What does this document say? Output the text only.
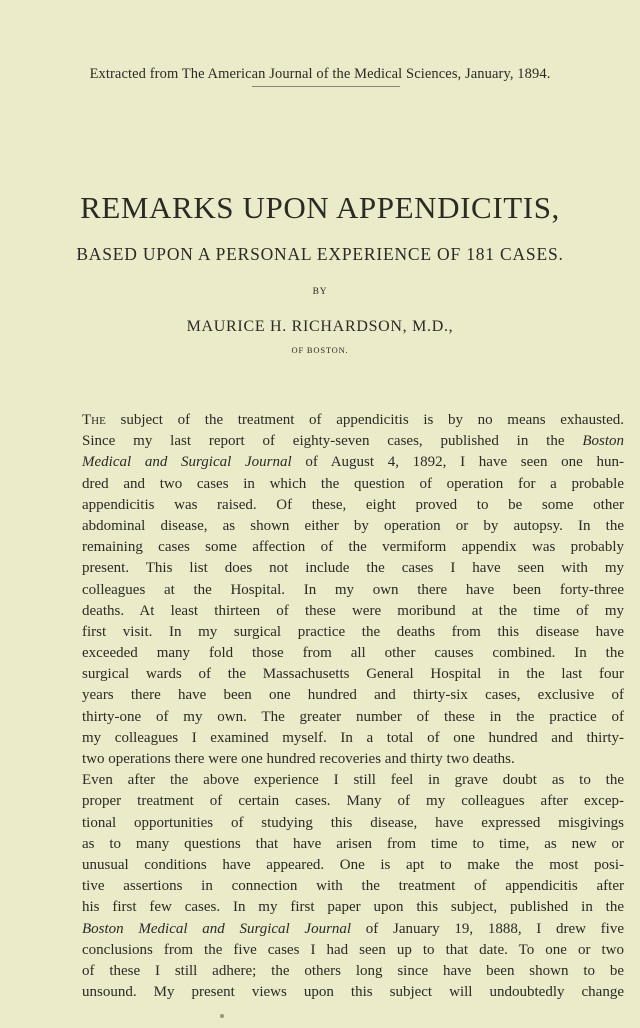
Extracted from The American Journal of the Medical Sciences, January, 1894.
REMARKS UPON APPENDICITIS,
BASED UPON A PERSONAL EXPERIENCE OF 181 CASES.
BY
MAURICE H. RICHARDSON, M.D.,
OF BOSTON.
The subject of the treatment of appendicitis is by no means exhausted.
Since my last report of eighty-seven cases, published in the Boston
Medical and Surgical Journal of August 4, 1892, I have seen one hun-
dred and two cases in which the question of operation for a probable
appendicitis was raised. Of these, eight proved to be some other
abdominal disease, as shown either by operation or by autopsy. In the
remaining cases some affection of the vermiform appendix was probably
present. This list does not include the cases I have seen with my
colleagues at the Hospital. In my own there have been forty-three
deaths. At least thirteen of these were moribund at the time of my
first visit. In my surgical practice the deaths from this disease have
exceeded many fold those from all other causes combined. In the
surgical wards of the Massachusetts General Hospital in the last four
years there have been one hundred and thirty-six cases, exclusive of
thirty-one of my own. The greater number of these in the practice of
my colleagues I examined myself. In a total of one hundred and thirty-
two operations there were one hundred recoveries and thirty two deaths.
Even after the above experience I still feel in grave doubt as to the
proper treatment of certain cases. Many of my colleagues after excep-
tional opportunities of studying this disease, have expressed misgivings
as to many questions that have arisen from time to time, as new or
unusual conditions have appeared. One is apt to make the most posi-
tive assertions in connection with the treatment of appendicitis after
his first few cases. In my first paper upon this subject, published in the
Boston Medical and Surgical Journal of January 19, 1888, I drew five
conclusions from the five cases I had seen up to that date. To one or two
of these I still adhere; the others long since have been shown to be
unsound. My present views upon this subject will undoubtedly change
